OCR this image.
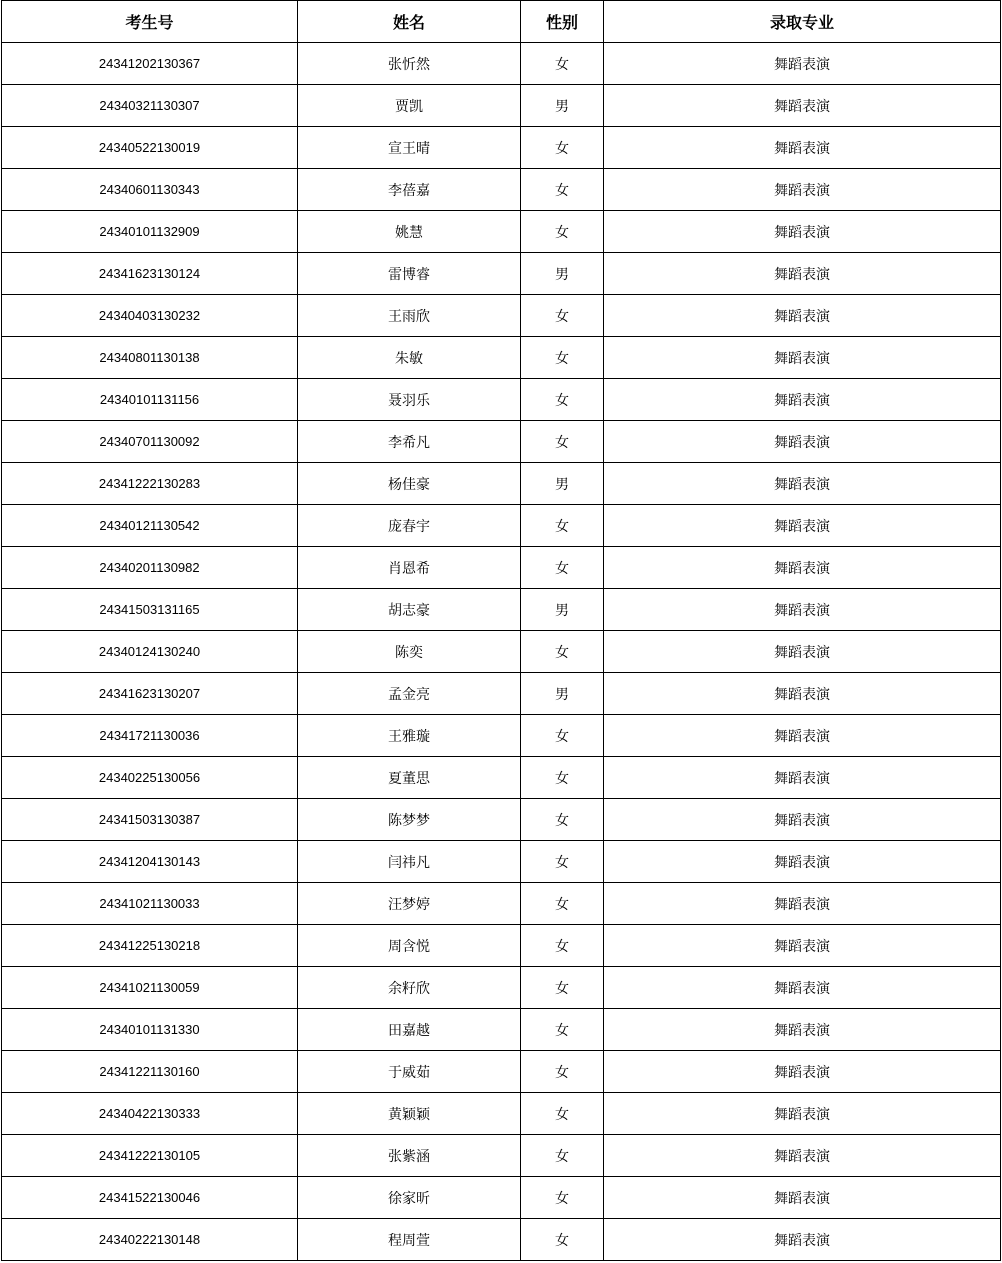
考生号	姓名	性别	录取专业
24341202130367	张忻然	女	舞蹈表演
24340321130307	贾凯	男	舞蹈表演
24340522130019	宣王晴	女	舞蹈表演
24340601130343	李蓓嘉	女	舞蹈表演
24340101132909	姚慧	女	舞蹈表演
24341623130124	雷博睿	男	舞蹈表演
24340403130232	王雨欣	女	舞蹈表演
24340801130138	朱敏	女	舞蹈表演
24340101131156	聂羽乐	女	舞蹈表演
24340701130092	李希凡	女	舞蹈表演
24341222130283	杨佳豪	男	舞蹈表演
24340121130542	庞春宇	女	舞蹈表演
24340201130982	肖恩希	女	舞蹈表演
24341503131165	胡志豪	男	舞蹈表演
24340124130240	陈奕	女	舞蹈表演
24341623130207	孟金亮	男	舞蹈表演
24341721130036	王雅璇	女	舞蹈表演
24340225130056	夏董思	女	舞蹈表演
24341503130387	陈梦梦	女	舞蹈表演
24341204130143	闫祎凡	女	舞蹈表演
24341021130033	汪梦婷	女	舞蹈表演
24341225130218	周含悦	女	舞蹈表演
24341021130059	余籽欣	女	舞蹈表演
24340101131330	田嘉越	女	舞蹈表演
24341221130160	于威茹	女	舞蹈表演
24340422130333	黄颖颖	女	舞蹈表演
24341222130105	张紫涵	女	舞蹈表演
24341522130046	徐家昕	女	舞蹈表演
24340222130148	程周萱	女	舞蹈表演
